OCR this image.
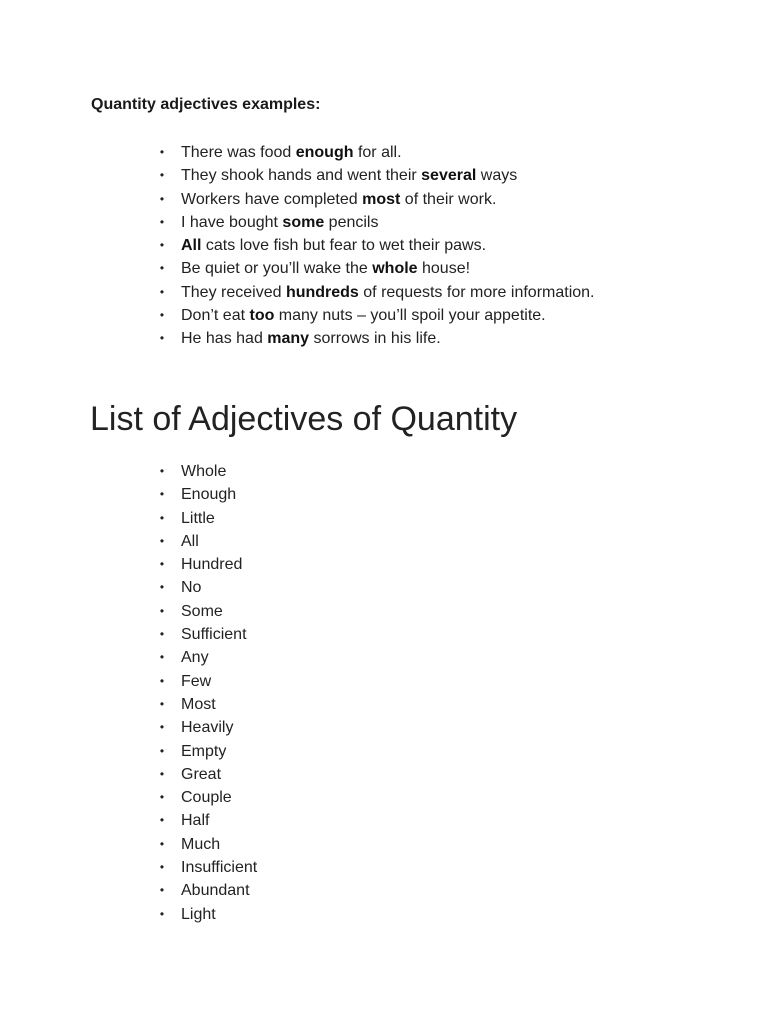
Quantity adjectives examples:
• There was food enough for all.
• They shook hands and went their several ways
• Workers have completed most of their work.
• I have bought some pencils
• All cats love fish but fear to wet their paws.
• Be quiet or you’ll wake the whole house!
• They received hundreds of requests for more information.
• Don’t eat too many nuts – you’ll spoil your appetite.
• He has had many sorrows in his life.
List of Adjectives of Quantity
• Whole
• Enough
• Little
• All
• Hundred
• No
• Some
• Sufficient
• Any
• Few
• Most
• Heavily
• Empty
• Great
• Couple
• Half
• Much
• Insufficient
• Abundant
• Light
